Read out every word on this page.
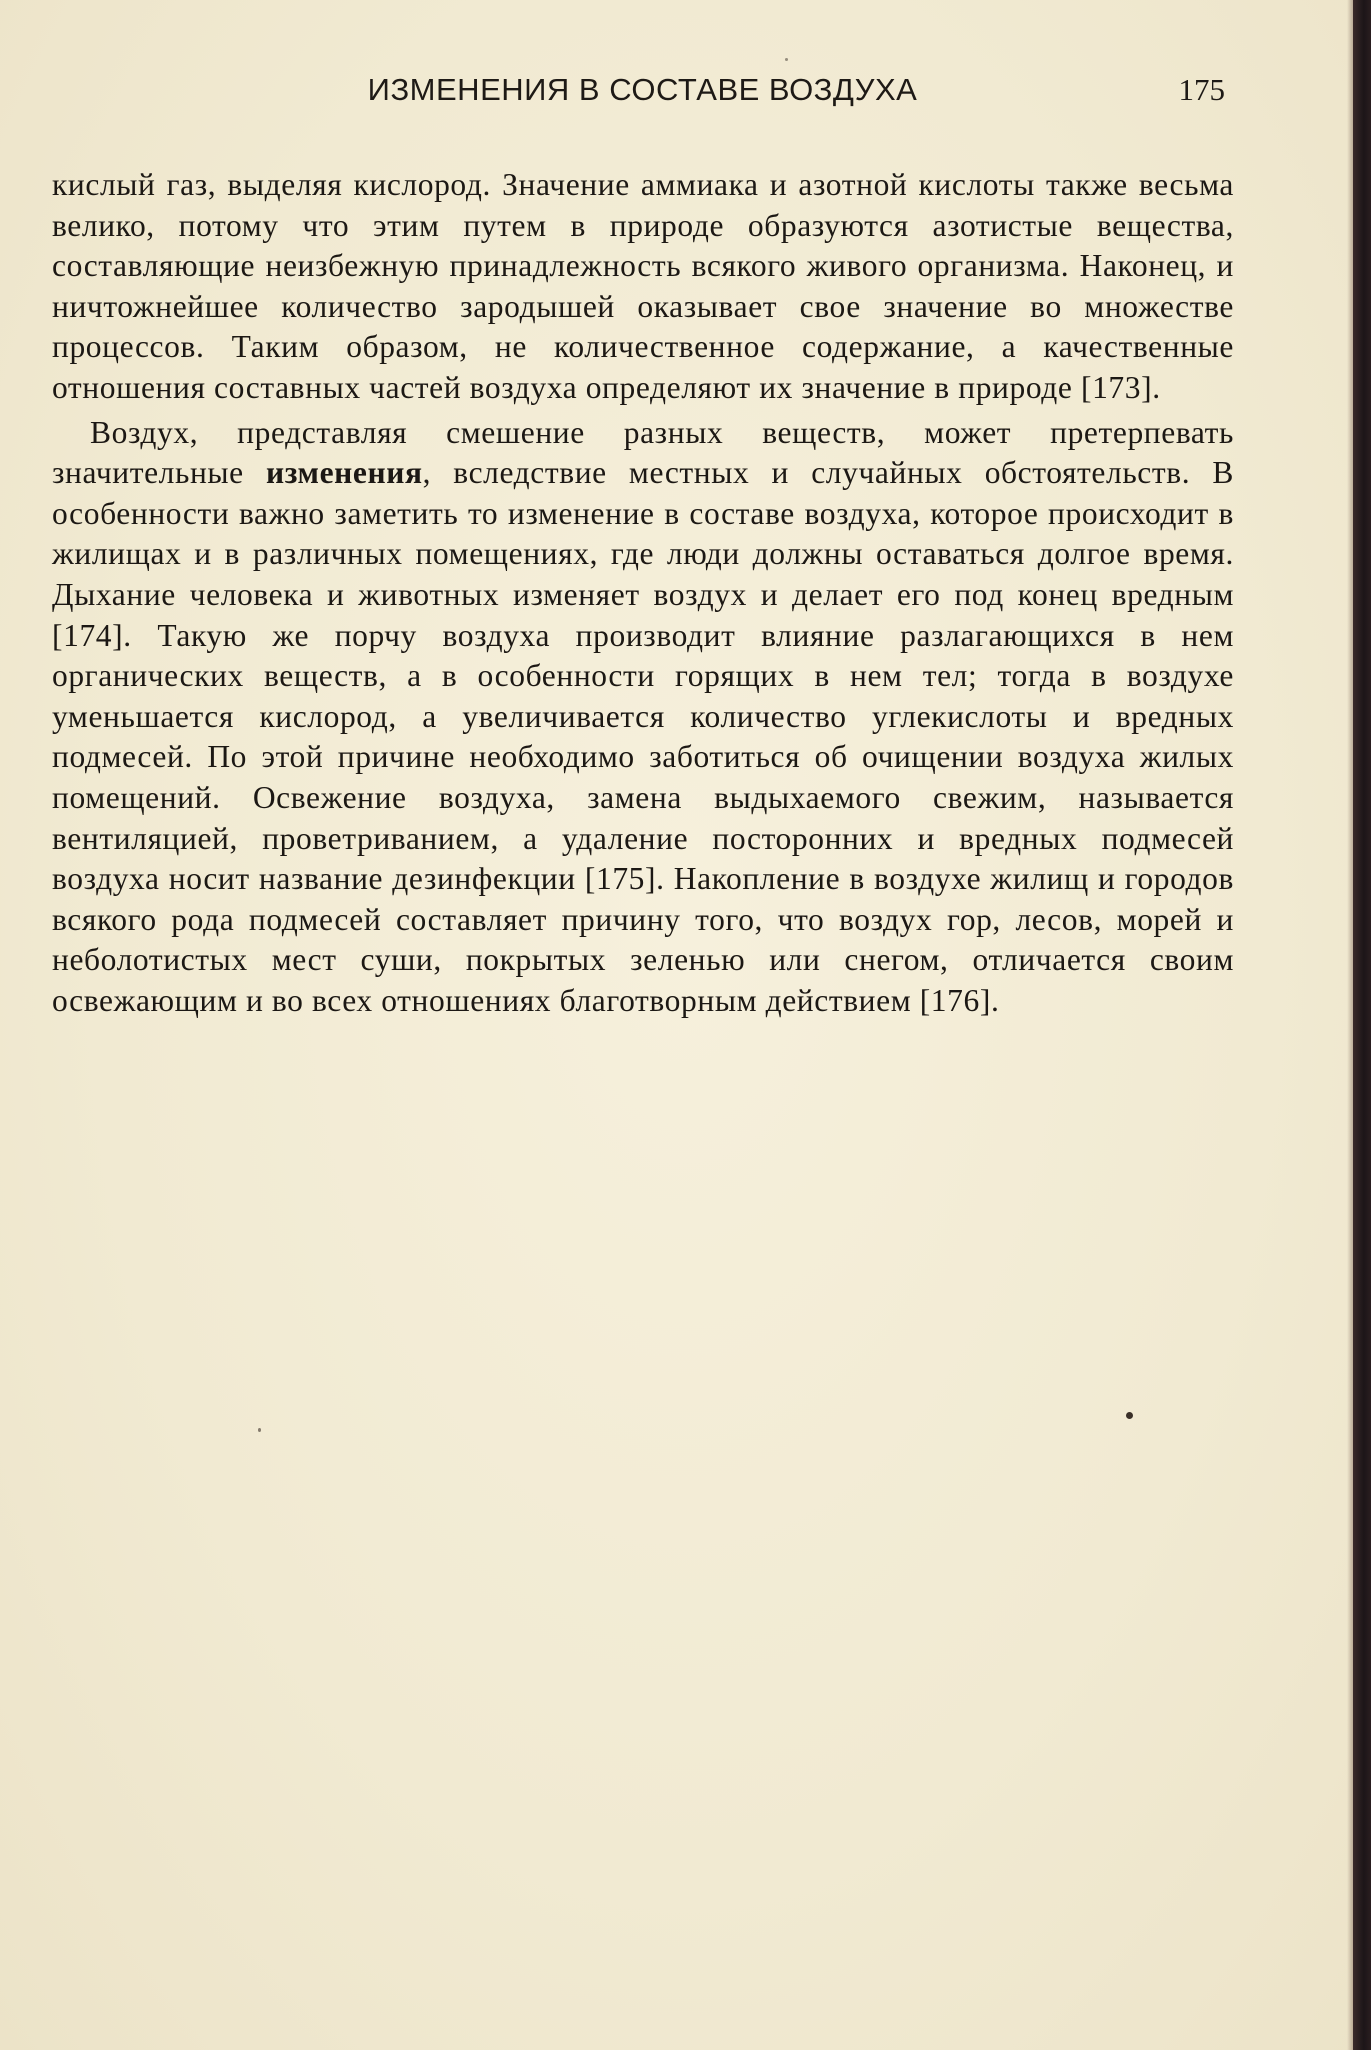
ИЗМЕНЕНИЯ В СОСТАВЕ ВОЗДУХА	175

кислый газ, выделяя кислород. Значение аммиака и азотной кислоты также весьма велико, потому что этим путем в природе образуются азотистые вещества, составляющие неизбежную принадлежность всякого живого организма. Наконец, и ничтожнейшее количество зародышей оказывает свое значение во множестве процессов. Таким образом, не количественное содержание, а качественные отношения составных частей воздуха определяют их значение в природе [173].

Воздух, представляя смешение разных веществ, может претерпевать значительные изменения, вследствие местных и случайных обстоятельств. В особенности важно заметить то изменение в составе воздуха, которое происходит в жилищах и в различных помещениях, где люди должны оставаться долгое время. Дыхание человека и животных изменяет воздух и делает его под конец вредным [174]. Такую же порчу воздуха производит влияние разлагающихся в нем органических веществ, а в особенности горящих в нем тел; тогда в воздухе уменьшается кислород, а увеличивается количество углекислоты и вредных подмесей. По этой причине необходимо заботиться об очищении воздуха жилых помещений. Освежение воздуха, замена выдыхаемого свежим, называется вентиляцией, проветриванием, а удаление посторонних и вредных подмесей воздуха носит название дезинфекции [175]. Накопление в воздухе жилищ и городов всякого рода подмесей составляет причину того, что воздух гор, лесов, морей и неболотистых мест суши, покрытых зеленью или снегом, отличается своим освежающим и во всех отношениях благотворным действием [176].
